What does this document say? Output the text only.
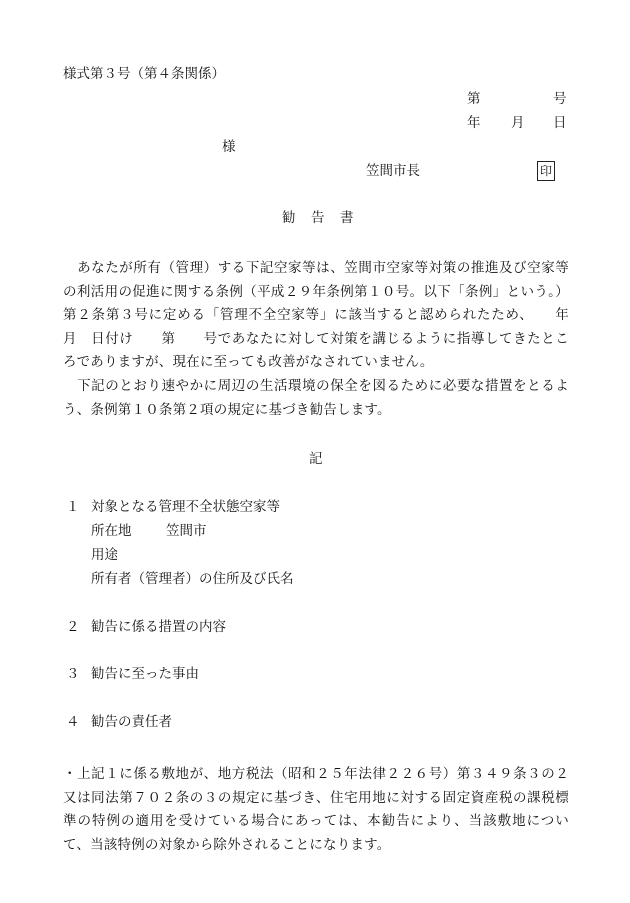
様式第３号（第４条関係）
第	号
年 月 日
様
笠間市長	印
勧　告　書
　あなたが所有（管理）する下記空家等は、笠間市空家等対策の推進及び空家等の利活用の促進に関する条例（平成２９年条例第１０号。以下「条例」という。）第２条第３号に定める「管理不全空家等」に該当すると認められたため、　　年　　月　日付け　　第　　号であなたに対して対策を講じるように指導してきたところでありますが、現在に至っても改善がなされていません。
　下記のとおり速やかに周辺の生活環境の保全を図るために必要な措置をとるよう、条例第１０条第２項の規定に基づき勧告します。
記
１ 対象となる管理不全状態空家等
所在地	笠間市
用途
所有者（管理者）の住所及び氏名
２ 勧告に係る措置の内容
３ 勧告に至った事由
４ 勧告の責任者
・上記１に係る敷地が、地方税法（昭和２５年法律２２６号）第３４９条３の２又は同法第７０２条の３の規定に基づき、住宅用地に対する固定資産税の課税標準の特例の適用を受けている場合にあっては、本勧告により、当該敷地について、当該特例の対象から除外されることになります。
